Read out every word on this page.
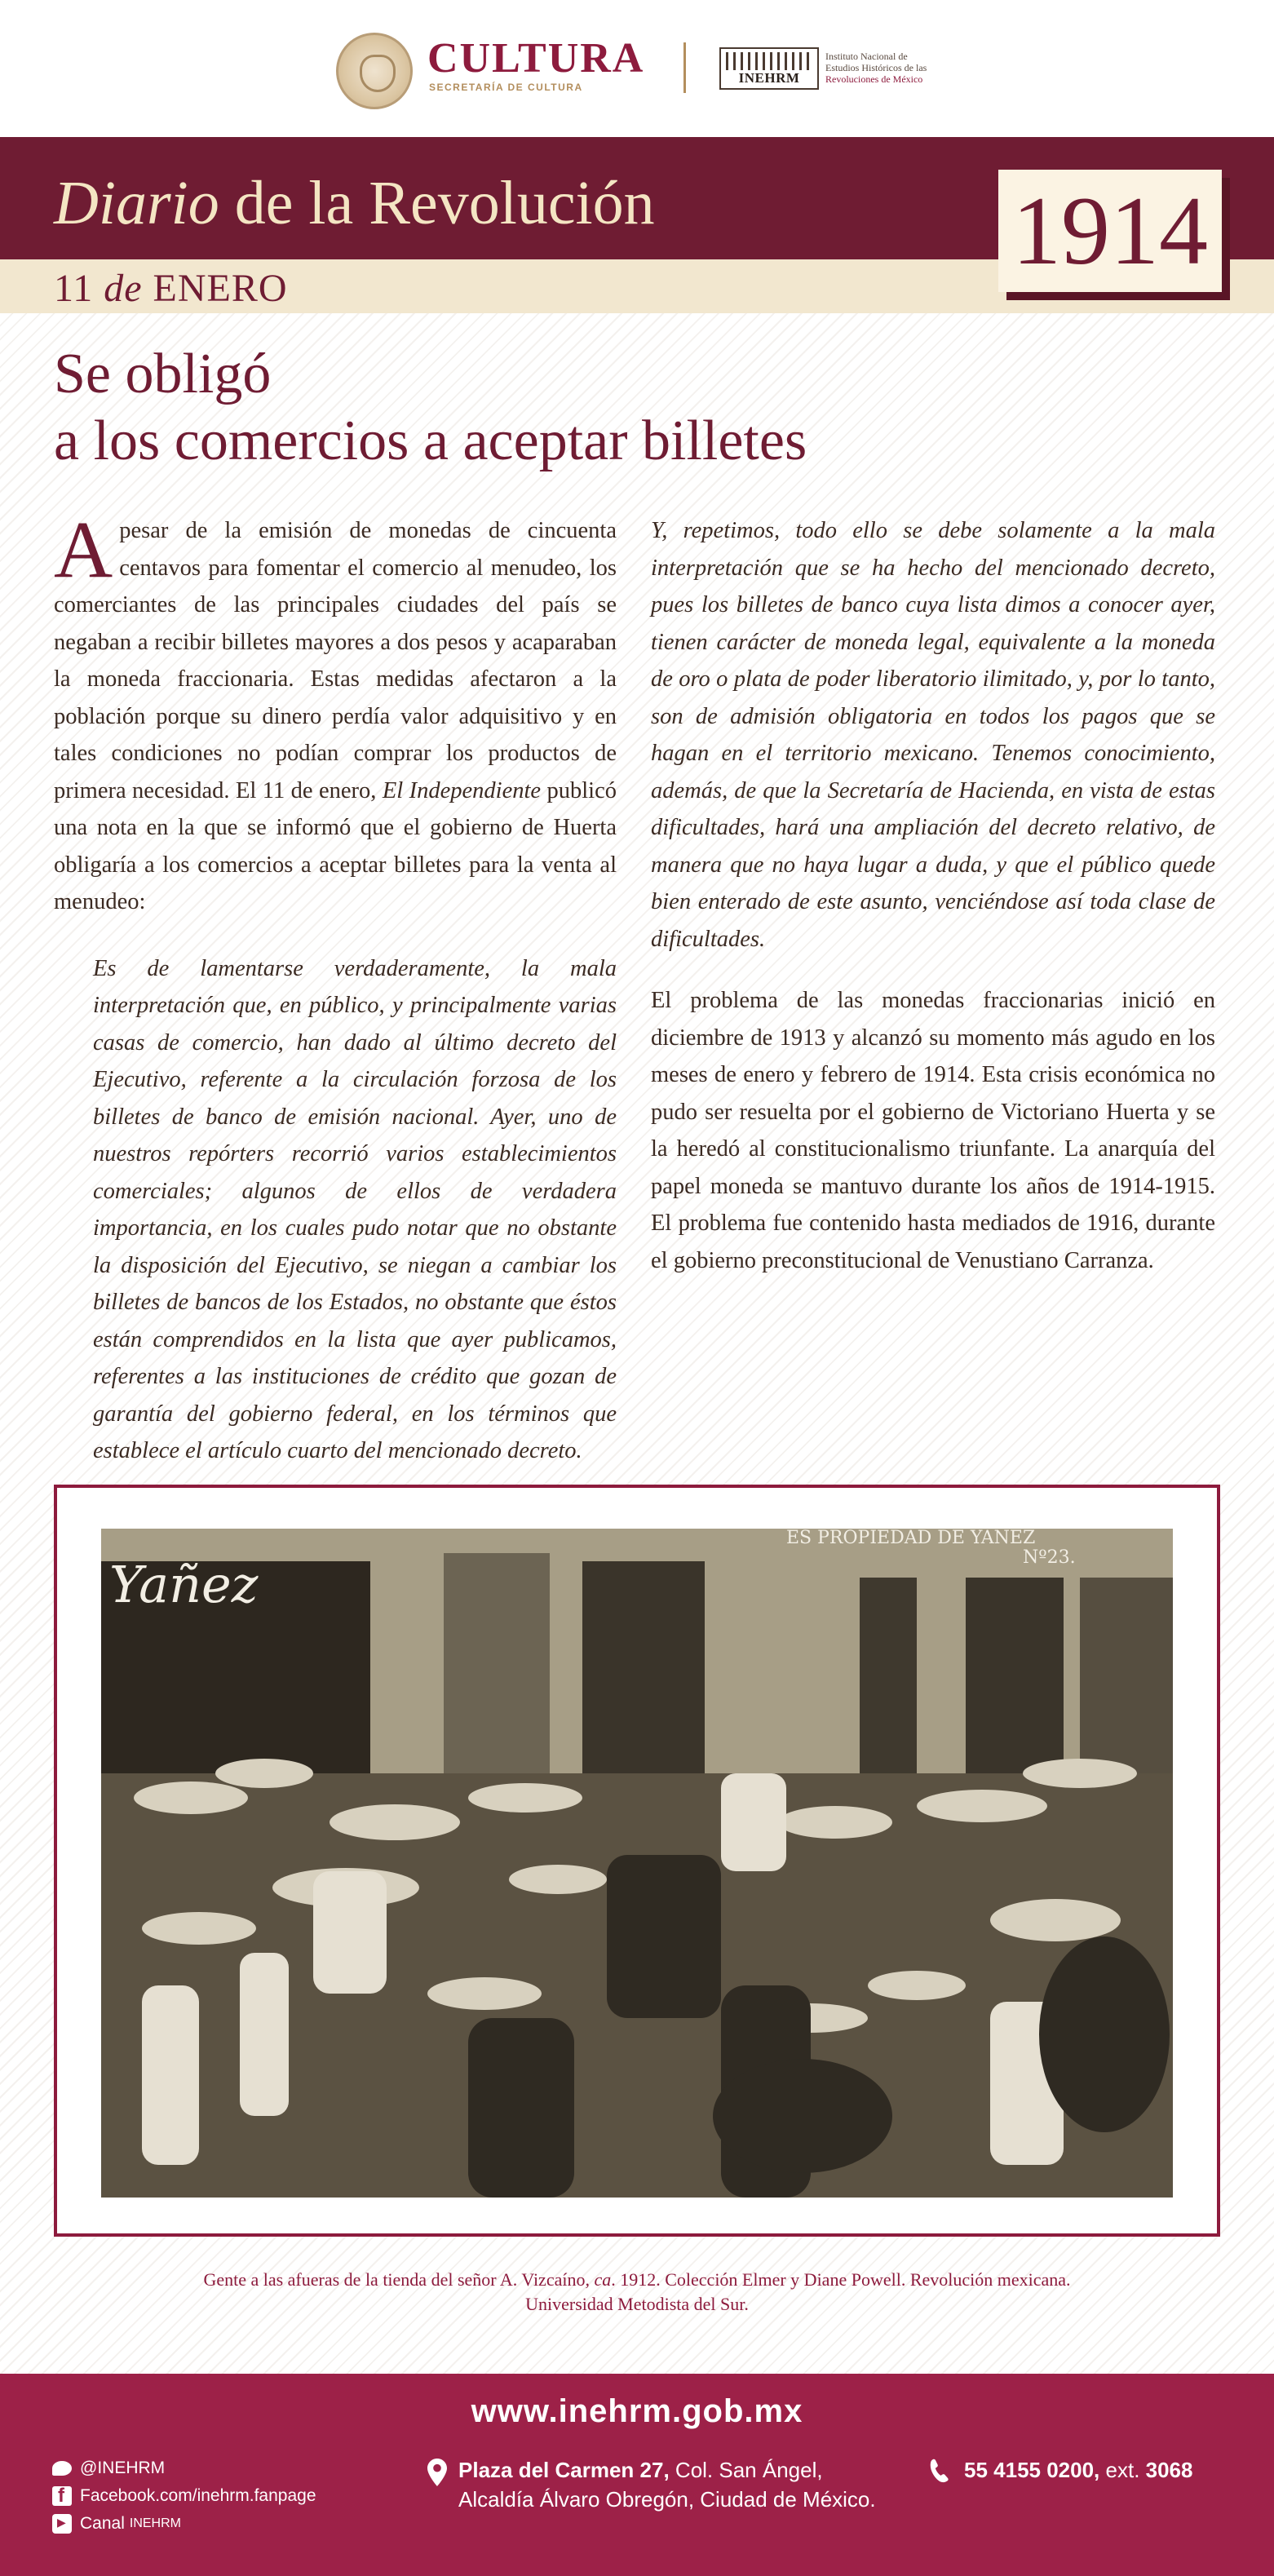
CULTURA
SECRETARÍA DE CULTURA
INEHRM
Instituto Nacional de
Estudios Históricos de las
Revoluciones de México
Diario de la Revolución
11 de ENERO
1914
Se obligó
a los comercios a aceptar billetes

Apesar de la emisión de monedas de cincuenta centavos para fomentar el comercio al menudeo, los comerciantes de las principales ciudades del país se negaban a recibir billetes mayores a dos pesos y acaparaban la moneda fraccionaria. Estas medidas afectaron a la población porque su dinero perdía valor adquisitivo y en tales condiciones no podían comprar los productos de primera necesidad. El 11 de enero, El Independiente publicó una nota en la que se informó que el gobierno de Huerta obligaría a los comercios a aceptar billetes para la venta al menudeo:

Es de lamentarse verdaderamente, la mala interpretación que, en público, y principalmente varias casas de comercio, han dado al último decreto del Ejecutivo, referente a la circulación forzosa de los billetes de banco de emisión nacional. Ayer, uno de nuestros repórters recorrió varios establecimientos comerciales; algunos de ellos de verdadera importancia, en los cuales pudo notar que no obstante la disposición del Ejecutivo, se niegan a cambiar los billetes de bancos de los Estados, no obstante que éstos están comprendidos en la lista que ayer publicamos, referentes a las instituciones de crédito que gozan de garantía del gobierno federal, en los términos que establece el artículo cuarto del mencionado decreto.

Y, repetimos, todo ello se debe solamente a la mala interpretación que se ha hecho del mencionado decreto, pues los billetes de banco cuya lista dimos a conocer ayer, tienen carácter de moneda legal, equivalente a la moneda de oro o plata de poder liberatorio ilimitado, y, por lo tanto, son de admisión obligatoria en todos los pagos que se hagan en el territorio mexicano. Tenemos conocimiento, además, de que la Secretaría de Hacienda, en vista de estas dificultades, hará una ampliación del decreto relativo, de manera que no haya lugar a duda, y que el público quede bien enterado de este asunto, venciéndose así toda clase de dificultades.

El problema de las monedas fraccionarias inició en diciembre de 1913 y alcanzó su momento más agudo en los meses de enero y febrero de 1914. Esta crisis económica no pudo ser resuelta por el gobierno de Victoriano Huerta y se la heredó al constitucionalismo triunfante. La anarquía del papel moneda se mantuvo durante los años de 1914-1915. El problema fue contenido hasta mediados de 1916, durante el gobierno preconstitucional de Venustiano Carranza.

Yañez
ES PROPIEDAD DE YAÑEZ
Nº23.
Gente a las afueras de la tienda del señor A. Vizcaíno, ca. 1912. Colección Elmer y Diane Powell. Revolución mexicana.
Universidad Metodista del Sur.
www.inehrm.gob.mx
@INEHRM
f
Facebook.com/inehrm.fanpage
▶
Canal INEHRM
Plaza del Carmen 27, Col. San Ángel,
Alcaldía Álvaro Obregón, Ciudad de México.
55 4155 0200, ext. 3068
